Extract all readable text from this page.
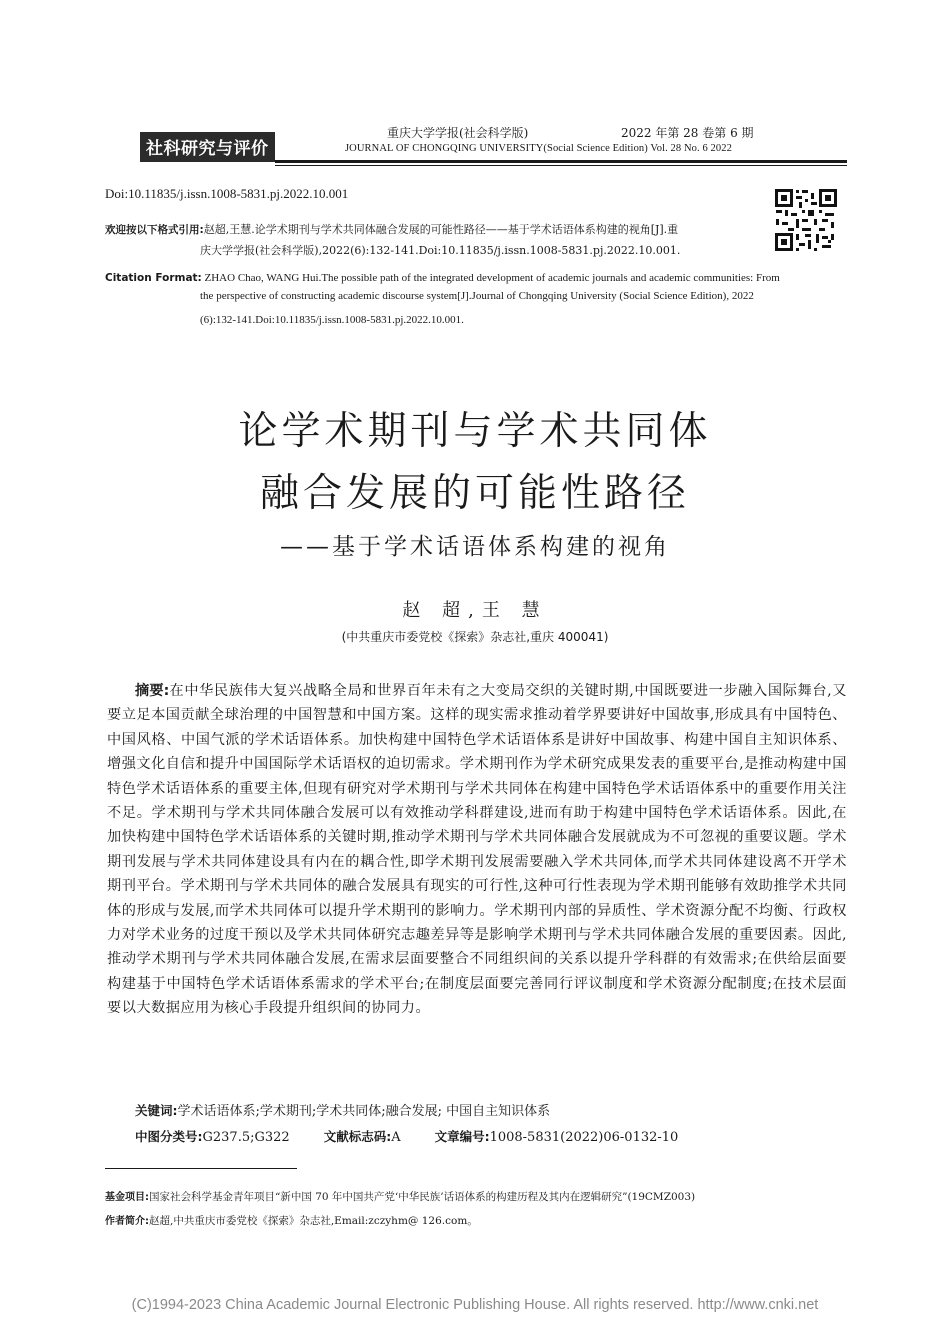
社科研究与评价
重庆大学学报(社会科学版)	2022 年第 28 卷第 6 期
JOURNAL OF CHONGQING UNIVERSITY(Social Science Edition) Vol. 28 No. 6 2022
Doi:10.11835/j.issn.1008-5831.pj.2022.10.001
欢迎按以下格式引用:赵超,王慧.论学术期刊与学术共同体融合发展的可能性路径——基于学术话语体系构建的视角[J].重
庆大学学报(社会科学版),2022(6):132-141.Doi:10.11835/j.issn.1008-5831.pj.2022.10.001.
Citation Format: ZHAO Chao, WANG Hui.The possible path of the integrated development of academic journals and academic communities: From
the perspective of constructing academic discourse system[J].Journal of Chongqing University (Social Science Edition), 2022
(6):132-141.Doi:10.11835/j.issn.1008-5831.pj.2022.10.001.
论学术期刊与学术共同体
融合发展的可能性路径
——基于学术话语体系构建的视角
赵 超,王 慧
(中共重庆市委党校《探索》杂志社,重庆 400041)
摘要:在中华民族伟大复兴战略全局和世界百年未有之大变局交织的关键时期,中国既要进一步融入国际舞台,又要立足本国贡献全球治理的中国智慧和中国方案。这样的现实需求推动着学界要讲好中国故事,形成具有中国特色、中国风格、中国气派的学术话语体系。加快构建中国特色学术话语体系是讲好中国故事、构建中国自主知识体系、增强文化自信和提升中国国际学术话语权的迫切需求。学术期刊作为学术研究成果发表的重要平台,是推动构建中国特色学术话语体系的重要主体,但现有研究对学术期刊与学术共同体在构建中国特色学术话语体系中的重要作用关注不足。学术期刊与学术共同体融合发展可以有效推动学科群建设,进而有助于构建中国特色学术话语体系。因此,在加快构建中国特色学术话语体系的关键时期,推动学术期刊与学术共同体融合发展就成为不可忽视的重要议题。学术期刊发展与学术共同体建设具有内在的耦合性,即学术期刊发展需要融入学术共同体,而学术共同体建设离不开学术期刊平台。学术期刊与学术共同体的融合发展具有现实的可行性,这种可行性表现为学术期刊能够有效助推学术共同体的形成与发展,而学术共同体可以提升学术期刊的影响力。学术期刊内部的异质性、学术资源分配不均衡、行政权力对学术业务的过度干预以及学术共同体研究志趣差异等是影响学术期刊与学术共同体融合发展的重要因素。因此,推动学术期刊与学术共同体融合发展,在需求层面要整合不同组织间的关系以提升学科群的有效需求;在供给层面要构建基于中国特色学术话语体系需求的学术平台;在制度层面要完善同行评议制度和学术资源分配制度;在技术层面要以大数据应用为核心手段提升组织间的协同力。
关键词:学术话语体系;学术期刊;学术共同体;融合发展; 中国自主知识体系
中图分类号:G237.5;G322	文献标志码:A	文章编号:1008-5831(2022)06-0132-10
基金项目:国家社会科学基金青年项目“新中国 70 年中国共产党‘中华民族’话语体系的构建历程及其内在逻辑研究”(19CMZ003)
作者简介:赵超,中共重庆市委党校《探索》杂志社,Email:zczyhm@ 126.com。
(C)1994-2023 China Academic Journal Electronic Publishing House. All rights reserved. http://www.cnki.net
